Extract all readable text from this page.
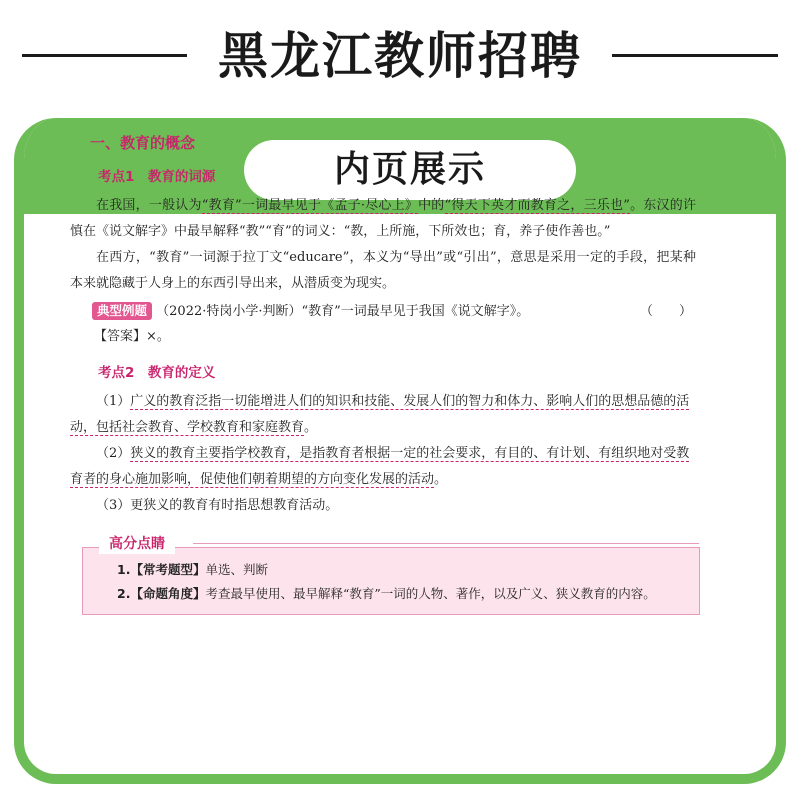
黑龙江教师招聘
内页展示
一、教育的概念
考点1　教育的词源

在我国，一般认为“教育”一词最早见于《孟子·尽心上》中的“得天下英才而教育之，三乐也”。东汉的许慎在《说文解字》中最早解释“教”“育”的词义：“教，上所施，下所效也；育，养子使作善也。”

在西方，“教育”一词源于拉丁文“educare”，本义为“导出”或“引出”，意思是采用一定的手段，把某种本来就隐藏于人身上的东西引导出来，从潜质变为现实。

典型例题 （2022·特岗小学·判断）“教育”一词最早见于我国《说文解字》。	（　　）
【答案】×。
考点2　教育的定义

（1）广义的教育泛指一切能增进人们的知识和技能、发展人们的智力和体力、影响人们的思想品德的活动，包括社会教育、学校教育和家庭教育。

（2）狭义的教育主要指学校教育，是指教育者根据一定的社会要求，有目的、有计划、有组织地对受教育者的身心施加影响，促使他们朝着期望的方向变化发展的活动。

（3）更狭义的教育有时指思想教育活动。

高分点睛
1.【常考题型】单选、判断
2.【命题角度】考查最早使用、最早解释“教育”一词的人物、著作，以及广义、狭义教育的内容。
